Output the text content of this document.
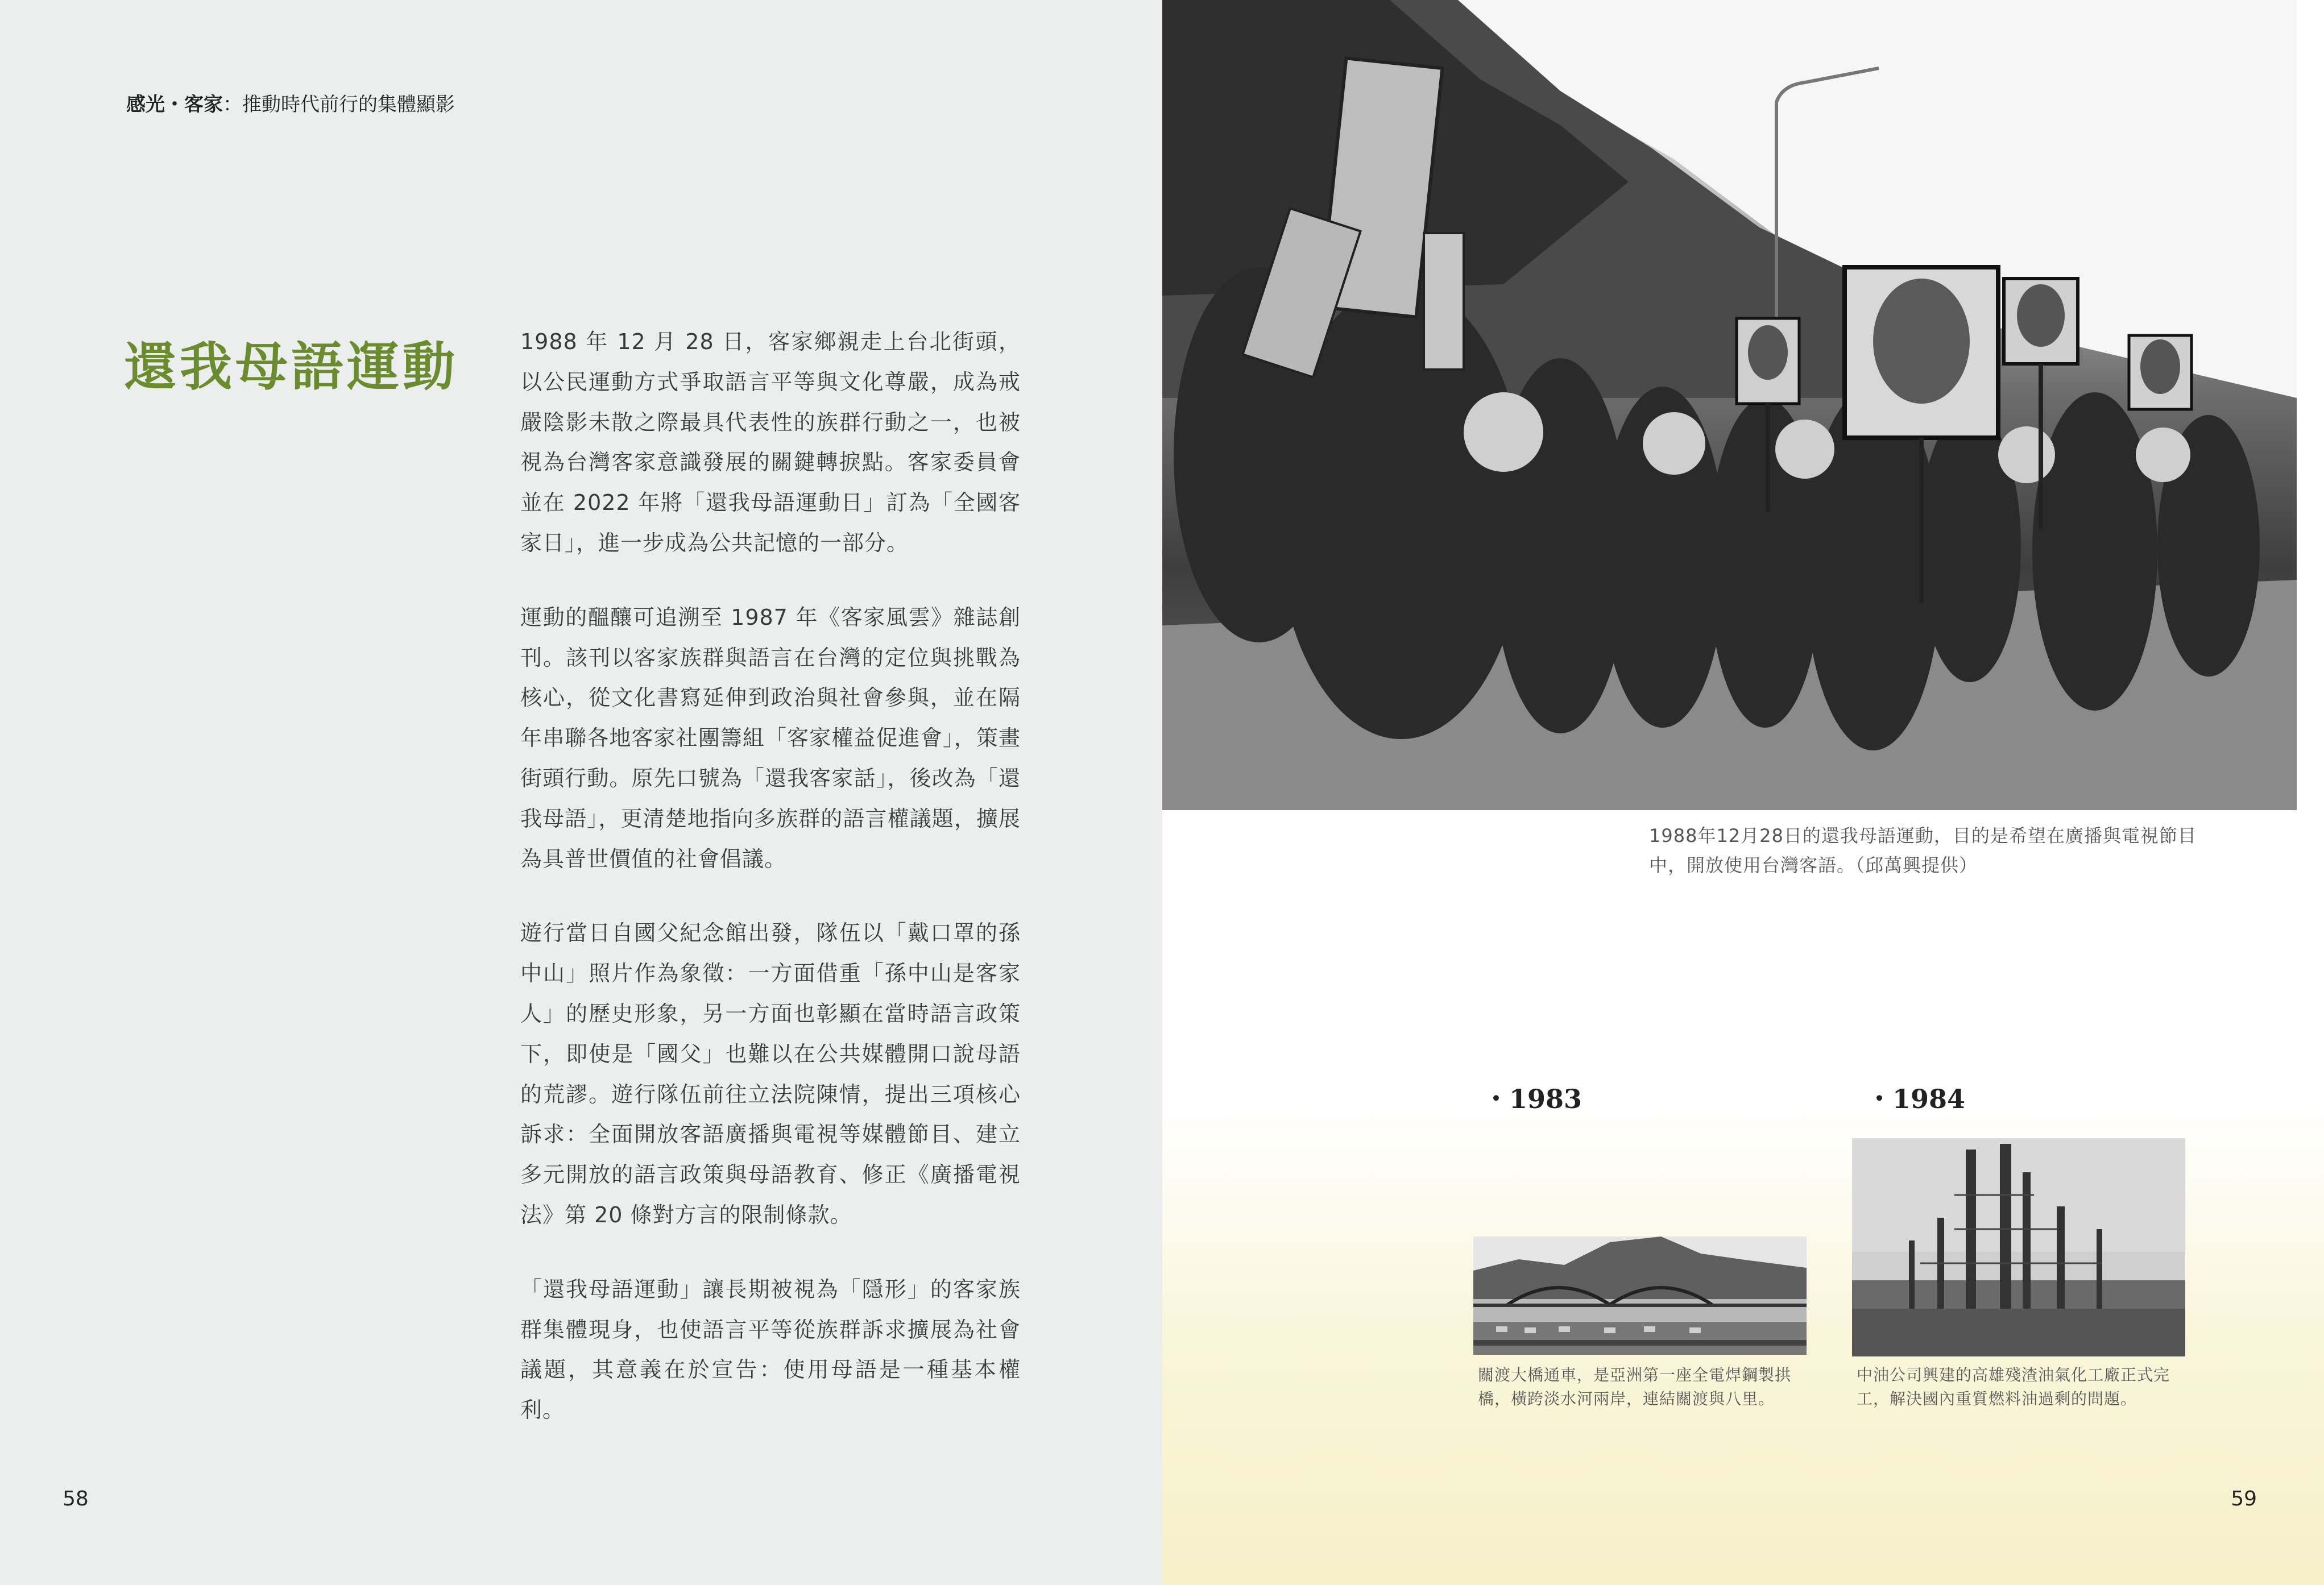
感光・客家：推動時代前行的集體顯影
還我母語運動	1988 年 12 月 28 日，客家鄉親走上台北街頭，以公民運動方式爭取語言平等與文化尊嚴，成為戒嚴陰影未散之際最具代表性的族群行動之一，也被視為台灣客家意識發展的關鍵轉捩點。客家委員會並在 2022 年將「還我母語運動日」訂為「全國客家日」，進一步成為公共記憶的一部分。

運動的醞釀可追溯至 1987 年《客家風雲》雜誌創刊。該刊以客家族群與語言在台灣的定位與挑戰為核心，從文化書寫延伸到政治與社會參與，並在隔年串聯各地客家社團籌組「客家權益促進會」，策畫街頭行動。原先口號為「還我客家話」，後改為「還我母語」，更清楚地指向多族群的語言權議題，擴展為具普世價值的社會倡議。

遊行當日自國父紀念館出發，隊伍以「戴口罩的孫中山」照片作為象徵：一方面借重「孫中山是客家人」的歷史形象，另一方面也彰顯在當時語言政策下，即使是「國父」也難以在公共媒體開口說母語的荒謬。遊行隊伍前往立法院陳情，提出三項核心訴求：全面開放客語廣播與電視等媒體節目、建立多元開放的語言政策與母語教育、修正《廣播電視法》第 20 條對方言的限制條款。

「還我母語運動」讓長期被視為「隱形」的客家族群集體現身，也使語言平等從族群訴求擴展為社會議題，其意義在於宣告：使用母語是一種基本權利。

58
1988年12月28日的還我母語運動，目的是希望在廣播與電視節目中，開放使用台灣客語。（邱萬興提供）
・1983	・1984
關渡大橋通車，是亞洲第一座全電焊鋼製拱橋，橫跨淡水河兩岸，連結關渡與八里。
中油公司興建的高雄殘渣油氣化工廠正式完工，解決國內重質燃料油過剩的問題。
59
